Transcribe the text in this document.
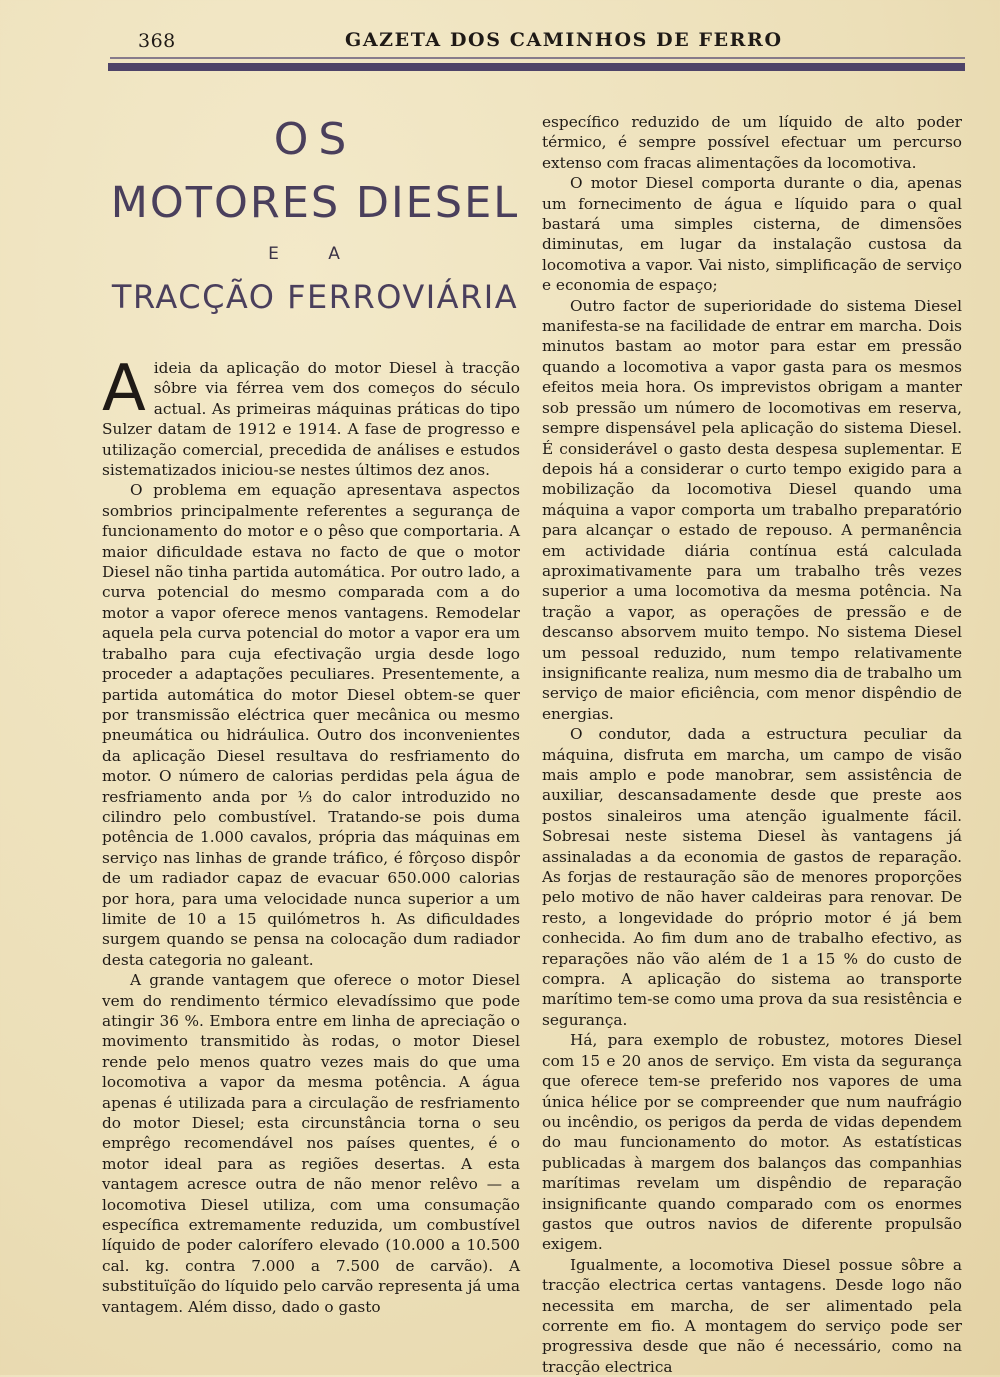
368	GAZETA DOS CAMINHOS DE FERRO
OS
MOTORES DIESEL
E A
TRACÇÃO FERROVIÁRIA

Aideia da aplicação do motor Diesel à tracção sôbre via férrea vem dos começos do século actual. As primeiras máquinas práticas do tipo Sulzer datam de 1912 e 1914. A fase de progresso e utilização comercial, precedida de análises e estudos sistematizados iniciou-se nestes últimos dez anos.

O problema em equação apresentava aspectos sombrios principalmente referentes a segurança de funcionamento do motor e o pêso que comportaria. A maior dificuldade estava no facto de que o motor Diesel não tinha partida automática. Por outro lado, a curva potencial do mesmo comparada com a do motor a vapor oferece menos vantagens. Remodelar aquela pela curva potencial do motor a vapor era um trabalho para cuja efectivação urgia desde logo proceder a adaptações peculiares. Presentemente, a partida automática do motor Diesel obtem-se quer por transmissão eléctrica quer mecânica ou mesmo pneumática ou hidráulica. Outro dos inconvenientes da aplicação Diesel resultava do resfriamento do motor. O número de calorias perdidas pela água de resfriamento anda por ⅓ do calor introduzido no cilindro pelo combustível. Tratando-se pois duma potência de 1.000 cavalos, própria das máquinas em serviço nas linhas de grande tráfico, é fôrçoso dispôr de um radiador capaz de evacuar 650.000 calorias por hora, para uma velocidade nunca superior a um limite de 10 a 15 quilómetros h. As dificuldades surgem quando se pensa na colocação dum radiador desta categoria no galeant.

A grande vantagem que oferece o motor Diesel vem do rendimento térmico elevadíssimo que pode atingir 36 %. Embora entre em linha de apreciação o movimento transmitido às rodas, o motor Diesel rende pelo menos quatro vezes mais do que uma locomotiva a vapor da mesma potência. A água apenas é utilizada para a circulação de resfriamento do motor Diesel; esta circunstância torna o seu emprêgo recomendável nos países quentes, é o motor ideal para as regiões desertas. A esta vantagem acresce outra de não menor relêvo — a locomotiva Diesel utiliza, com uma consumação específica extremamente reduzida, um combustível líquido de poder calorífero elevado (10.000 a 10.500 cal. kg. contra 7.000 a 7.500 de carvão). A substituïção do líquido pelo carvão representa já uma vantagem. Além disso, dado o gasto

específico reduzido de um líquido de alto poder térmico, é sempre possível efectuar um percurso extenso com fracas alimentações da locomotiva.

O motor Diesel comporta durante o dia, apenas um fornecimento de água e líquido para o qual bastará uma simples cisterna, de dimensões diminutas, em lugar da instalação custosa da locomotiva a vapor. Vai nisto, simplificação de serviço e economia de espaço;

Outro factor de superioridade do sistema Diesel manifesta-se na facilidade de entrar em marcha. Dois minutos bastam ao motor para estar em pressão quando a locomotiva a vapor gasta para os mesmos efeitos meia hora. Os imprevistos obrigam a manter sob pressão um número de locomotivas em reserva, sempre dispensável pela aplicação do sistema Diesel. É considerável o gasto desta despesa suplementar. E depois há a considerar o curto tempo exigido para a mobilização da locomotiva Diesel quando uma máquina a vapor comporta um trabalho preparatório para alcançar o estado de repouso. A permanência em actividade diária contínua está calculada aproximativamente para um trabalho três vezes superior a uma locomotiva da mesma potência. Na tração a vapor, as operações de pressão e de descanso absorvem muito tempo. No sistema Diesel um pessoal reduzido, num tempo relativamente insignificante realiza, num mesmo dia de trabalho um serviço de maior eficiência, com menor dispêndio de energias.

O condutor, dada a estructura peculiar da máquina, disfruta em marcha, um campo de visão mais amplo e pode manobrar, sem assistência de auxiliar, descansadamente desde que preste aos postos sinaleiros uma atenção igualmente fácil. Sobresai neste sistema Diesel às vantagens já assinaladas a da economia de gastos de reparação. As forjas de restauração são de menores proporções pelo motivo de não haver caldeiras para renovar. De resto, a longevidade do próprio motor é já bem conhecida. Ao fim dum ano de trabalho efectivo, as reparações não vão além de 1 a 15 % do custo de compra. A aplicação do sistema ao transporte marítimo tem-se como uma prova da sua resistência e segurança.

Há, para exemplo de robustez, motores Diesel com 15 e 20 anos de serviço. Em vista da segurança que oferece tem-se preferido nos vapores de uma única hélice por se compreender que num naufrágio ou incêndio, os perigos da perda de vidas dependem do mau funcionamento do motor. As estatísticas publicadas à margem dos balanços das companhias marítimas revelam um dispêndio de reparação insignificante quando comparado com os enormes gastos que outros navios de diferente propulsão exigem.

Igualmente, a locomotiva Diesel possue sôbre a tracção electrica certas vantagens. Desde logo não necessita em marcha, de ser alimentado pela corrente em fio. A montagem do serviço pode ser progressiva desde que não é necessário, como na tracção electrica
